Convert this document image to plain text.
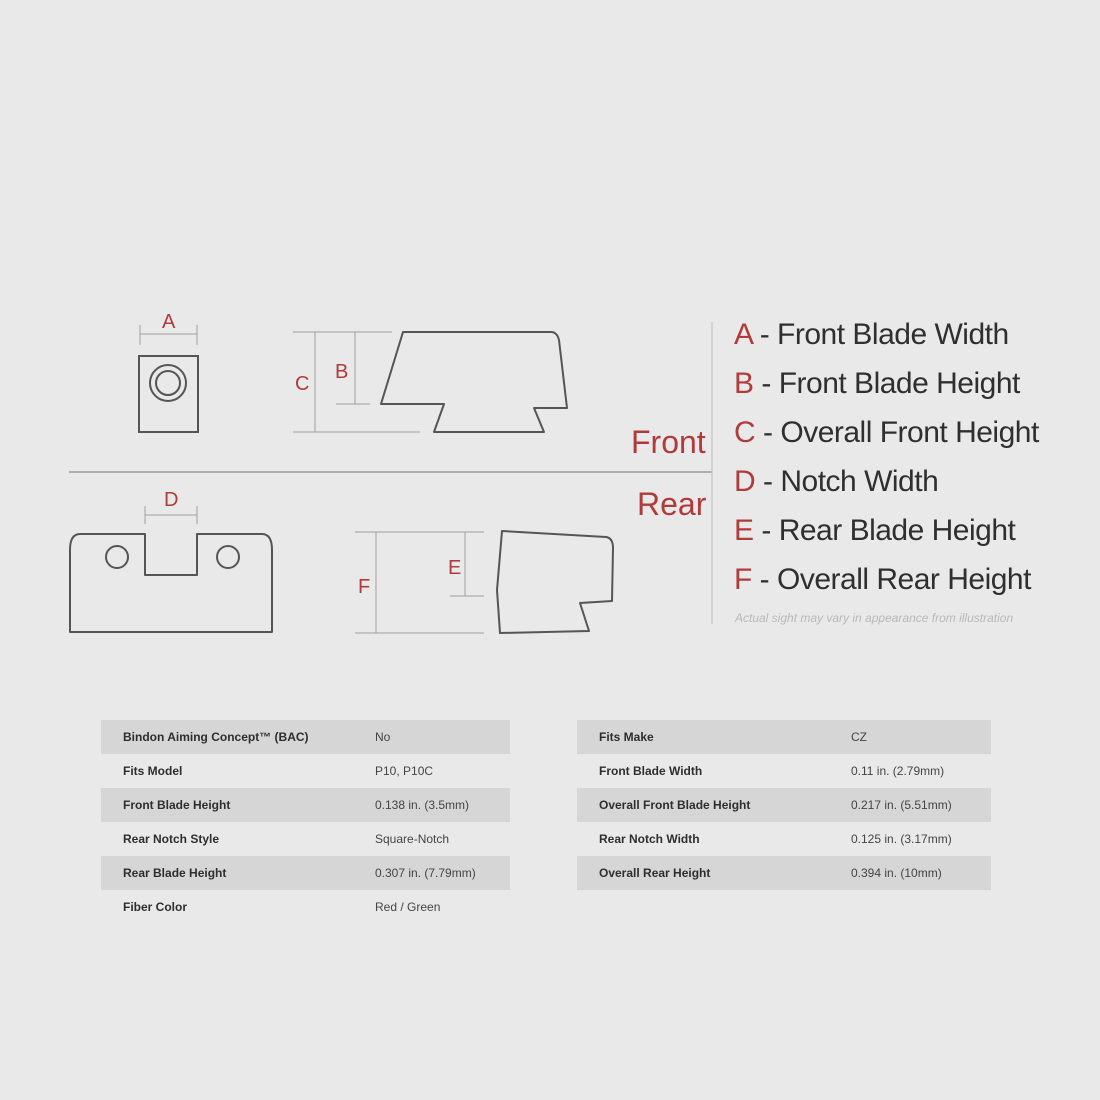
Front
Rear
A
C
B
D
F
E
A - Front Blade Width
B - Front Blade Height
C - Overall Front Height
D - Notch Width
E - Rear Blade Height
F - Overall Rear Height
Actual sight may vary in appearance from illustration
Bindon Aiming Concept™ (BAC)	No
Fits Model	P10, P10C
Front Blade Height	0.138 in. (3.5mm)
Rear Notch Style	Square-Notch
Rear Blade Height	0.307 in. (7.79mm)
Fiber Color	Red / Green
Fits Make	CZ
Front Blade Width	0.11 in. (2.79mm)
Overall Front Blade Height	0.217 in. (5.51mm)
Rear Notch Width	0.125 in. (3.17mm)
Overall Rear Height	0.394 in. (10mm)
